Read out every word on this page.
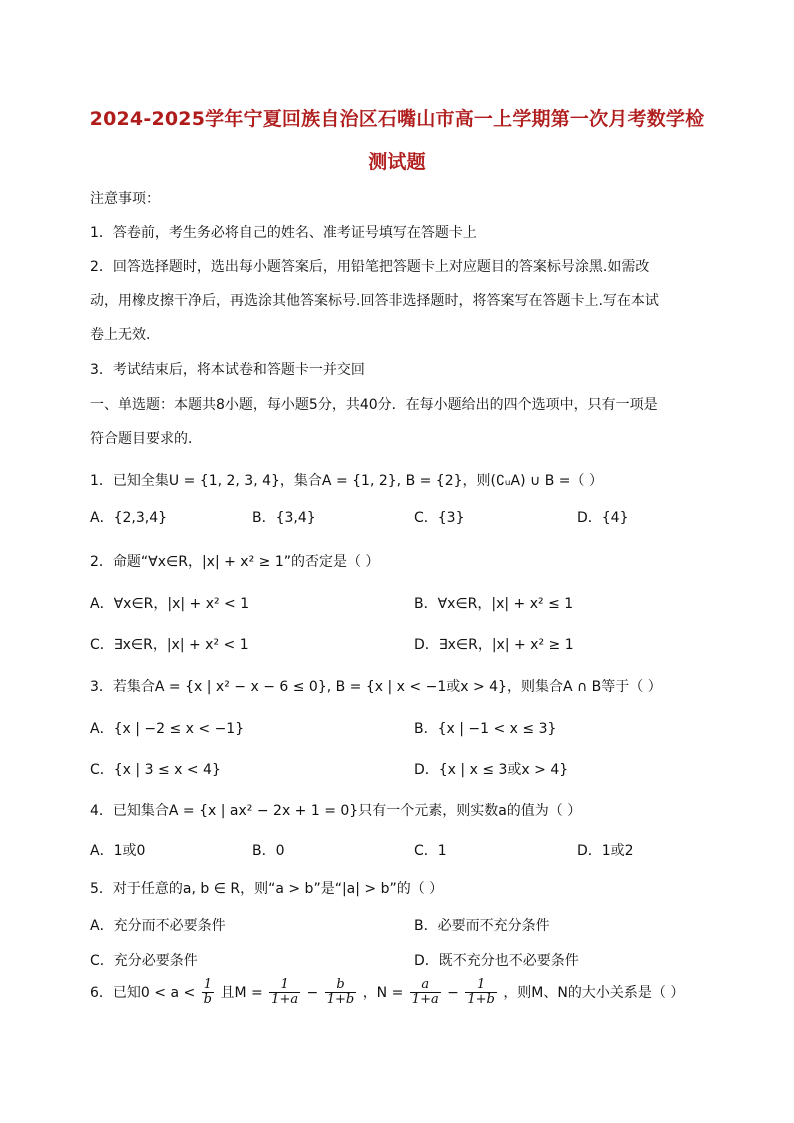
2024-2025学年宁夏回族自治区石嘴山市高一上学期第一次月考数学检
测试题
注意事项：
1．答卷前，考生务必将自己的姓名、准考证号填写在答题卡上
2．回答选择题时，选出每小题答案后，用铅笔把答题卡上对应题目的答案标号涂黑.如需改
动，用橡皮擦干净后，再选涂其他答案标号.回答非选择题时，将答案写在答题卡上.写在本试
卷上无效.
3．考试结束后，将本试卷和答题卡一并交回
一、单选题：本题共8小题，每小题5分，共40分．在每小题给出的四个选项中，只有一项是
符合题目要求的．
1．已知全集U = {1, 2, 3, 4}，集合A = {1, 2}, B = {2}，则(∁ᵤA) ∪ B =（ ）
A．{2,3,4}	B．{3,4}	C．{3}	D．{4}
2．命题“∀x∈R，|x| + x² ≥ 1”的否定是（ ）
A．∀x∈R，|x| + x² < 1	B．∀x∈R，|x| + x² ≤ 1
C．∃x∈R，|x| + x² < 1	D．∃x∈R，|x| + x² ≥ 1
3．若集合A = {x | x² − x − 6 ≤ 0}, B = {x | x < −1或x > 4}，则集合A ∩ B等于（ ）
A．{x | −2 ≤ x < −1}	B．{x | −1 < x ≤ 3}
C．{x | 3 ≤ x < 4}	D．{x | x ≤ 3或x > 4}
4．已知集合A = {x | ax² − 2x + 1 = 0}只有一个元素，则实数a的值为（ ）
A．1或0	B．0	C．1	D．1或2
5．对于任意的a, b ∈ R，则“a > b”是“|a| > b”的（ ）
A．充分而不必要条件	B．必要而不充分条件
C．充分必要条件	D．既不充分也不必要条件
6．已知$0 < a < \frac{1}{b}$ 且$M = \frac{1}{1+a} - \frac{b}{1+b}$ ，$N = \frac{a}{1+a} - \frac{1}{1+b}$ ，则M、N的大小关系是（ ）
